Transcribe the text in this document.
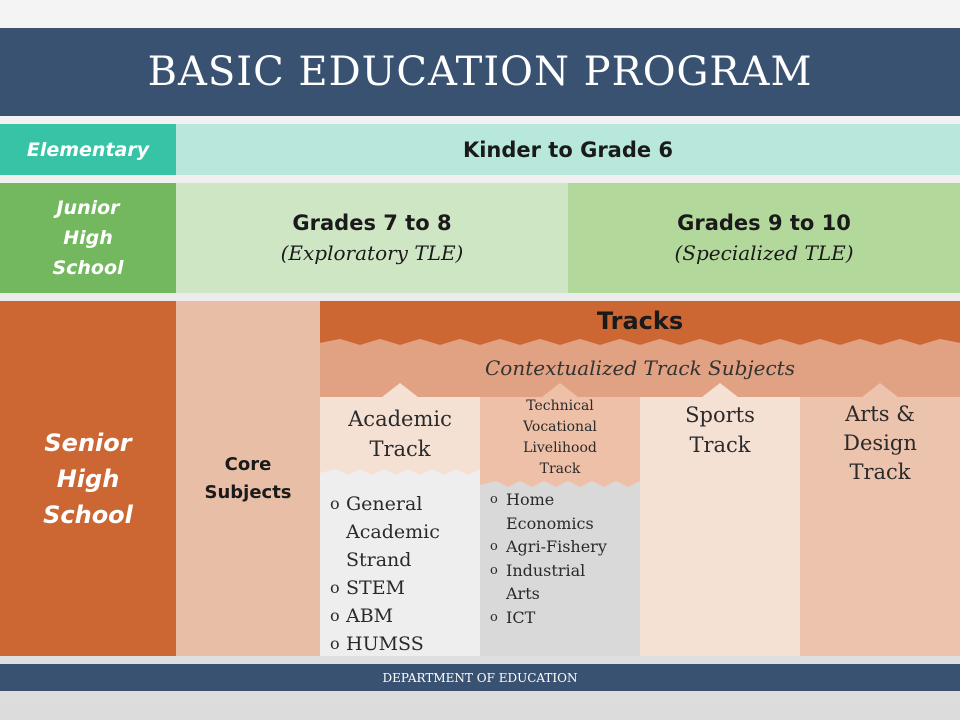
BASIC EDUCATION PROGRAM
Elementary	Kinder to Grade 6
Junior
High
School
Grades 7 to 8
(Exploratory TLE)
Grades 9 to 10
(Specialized TLE)
Senior
High
School
Core
Subjects
Tracks
Contextualized Track Subjects
Academic
Track
Technical
Vocational
Livelihood
Track
Sports
Track
Arts &
Design
Track
o General
Academic
Strand
o STEM
o ABM
o HUMSS
o Home
Economics
o Agri-Fishery
o Industrial
Arts
o ICT
DEPARTMENT OF EDUCATION
